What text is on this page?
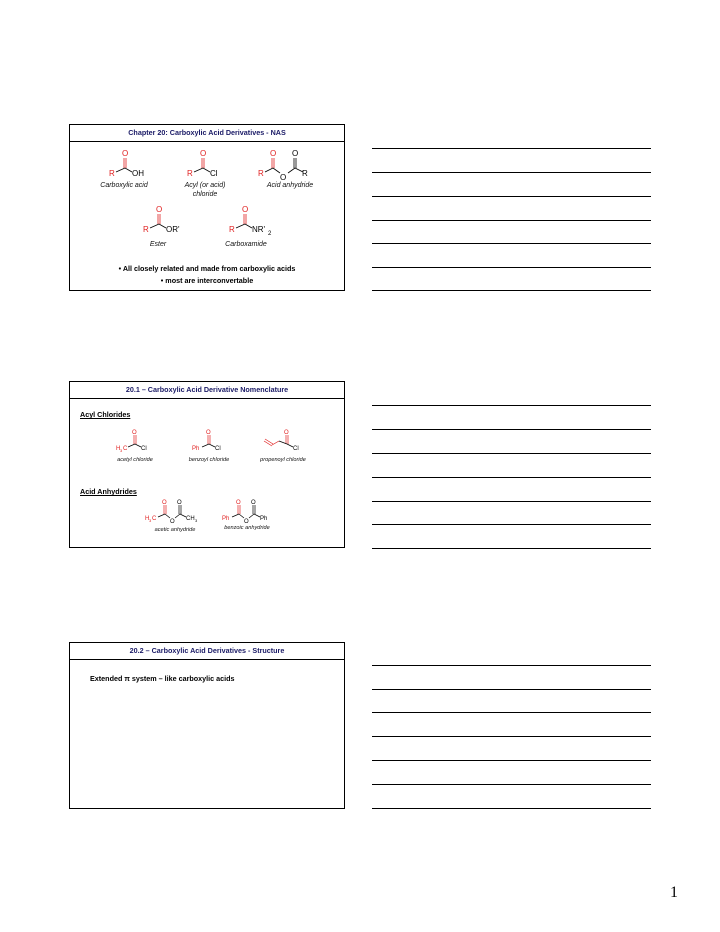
Chapter 20: Carboxylic Acid Derivatives - NAS
O
R OH
Carboxylic acid
O
R Cl
Acyl (or acid)
chloride
O O
R O R
Acid anhydride
O
R OR'
Ester
O
R NR' 2
Carboxamide
• All closely related and made from carboxylic acids
• most are interconvertable
20.1 – Carboxylic Acid Derivative Nomenclature
Acyl Chlorides
O
H 3 C Cl
acetyl chloride
O
Ph	Cl
benzoyl chloride
O
Cl
propenoyl chloride
Acid Anhydrides
O O
H 3 C O CH 3
acetic anhydride
O O
Ph O Ph
benzoic anhydride
20.2 – Carboxylic Acid Derivatives - Structure
Extended π system – like carboxylic acids
1
